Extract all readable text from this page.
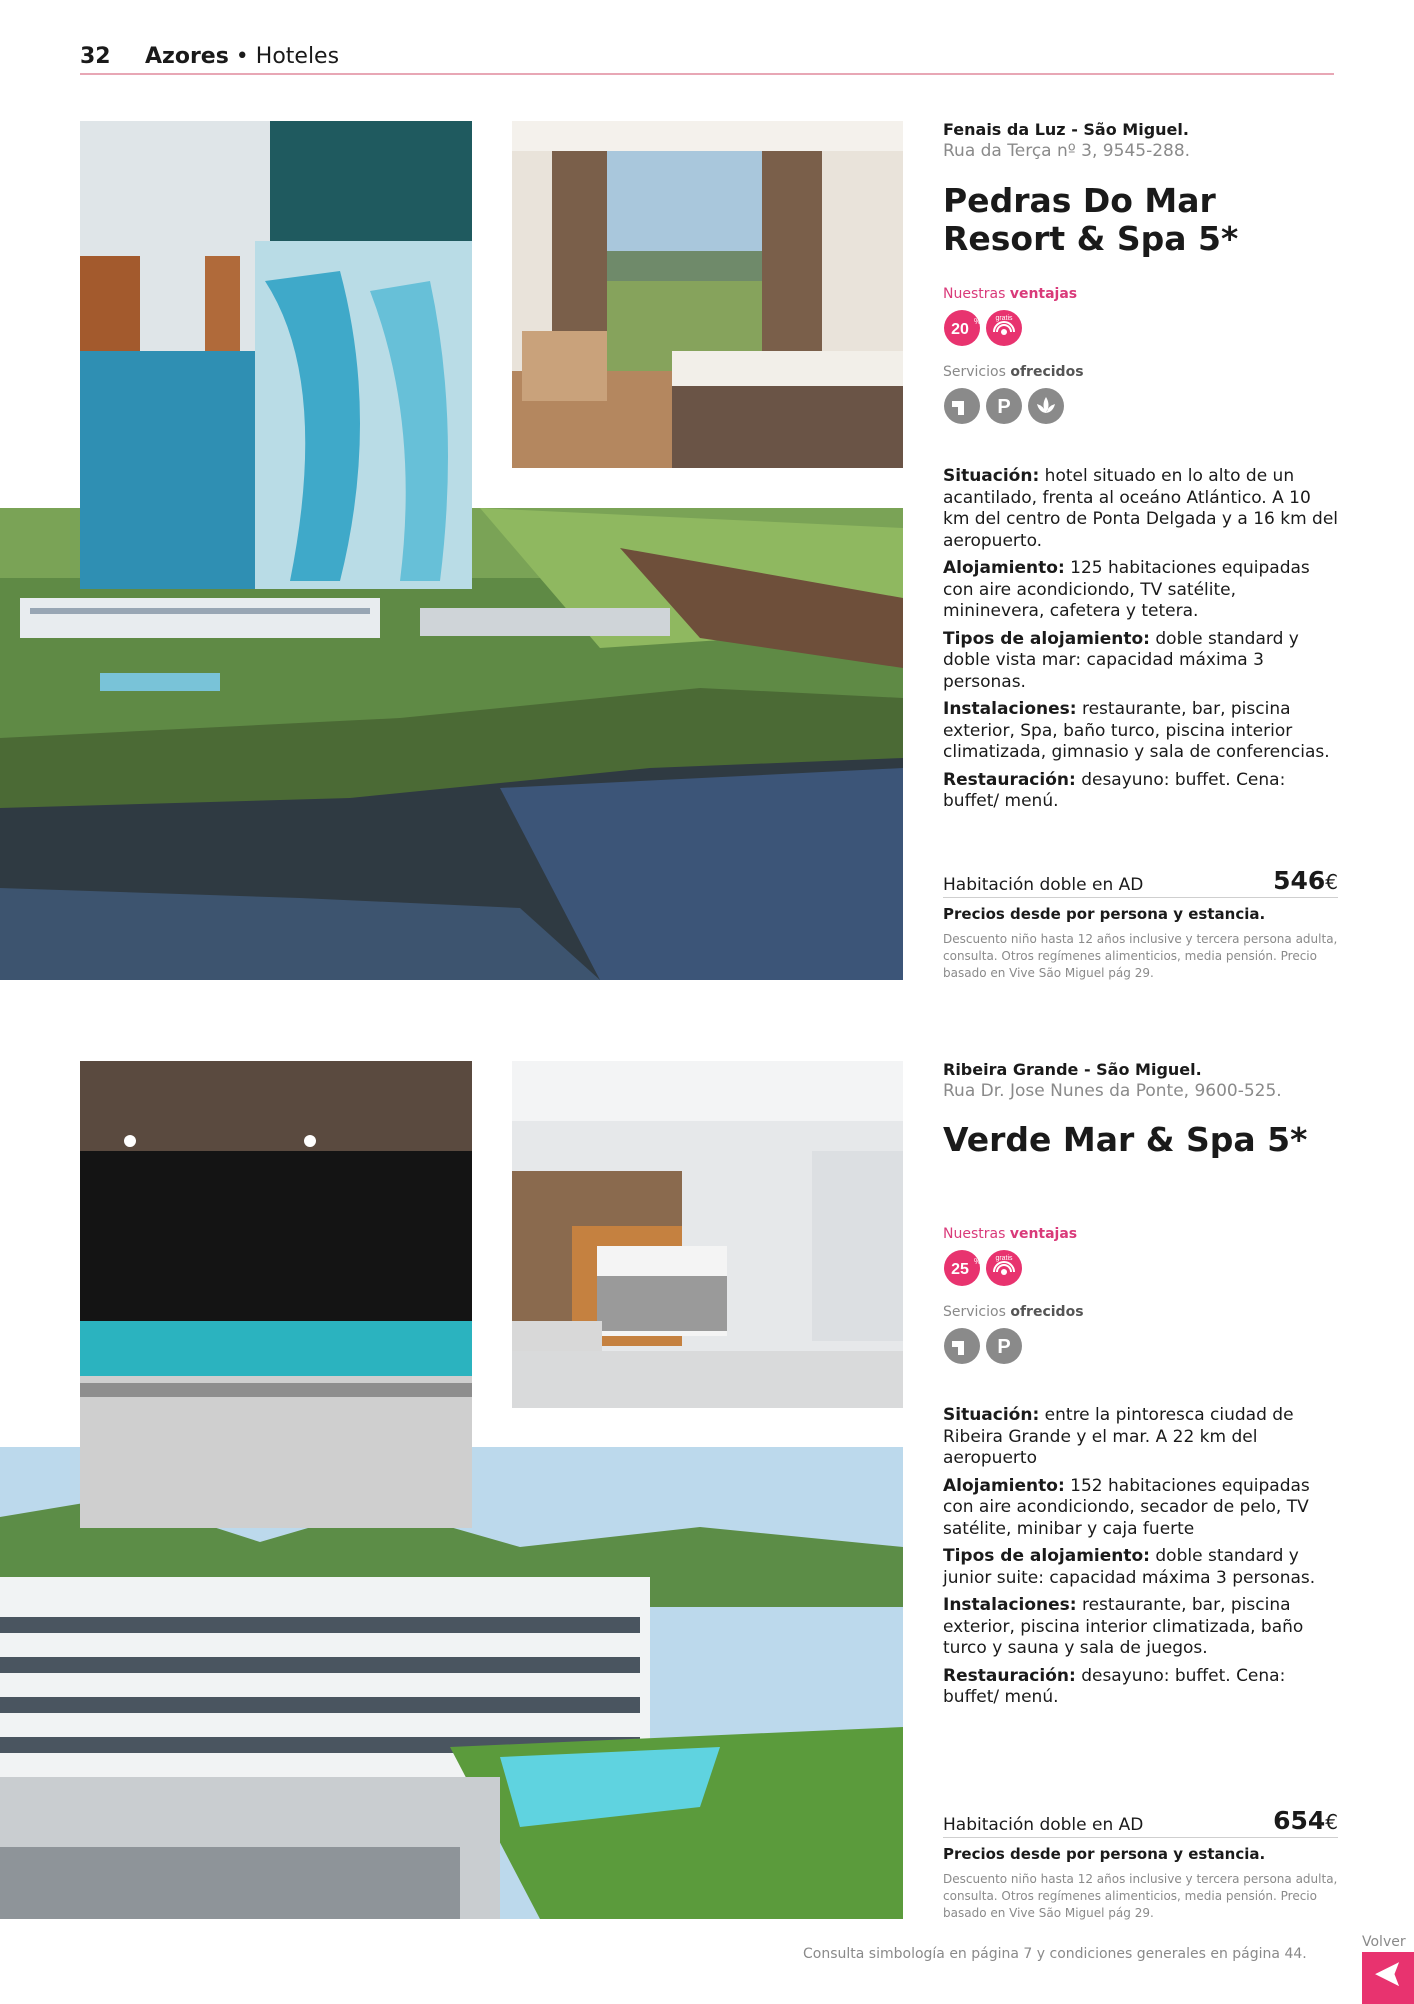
32 Azores • Hoteles
Fenais da Luz - São Miguel.
Rua da Terça nº 3, 9545-288.
Pedras Do Mar Resort & Spa 5*
Nuestras ventajas
20 % gratis
Servicios ofrecidos
P

Situación: hotel situado en lo alto de un acantilado, frenta al oceáno Atlántico. A 10 km del centro de Ponta Delgada y a 16 km del aeropuerto.

Alojamiento: 125 habitaciones equipadas con aire acondiciondo, TV satélite, mininevera, cafetera y tetera.

Tipos de alojamiento: doble standard y doble vista mar: capacidad máxima 3 personas.

Instalaciones: restaurante, bar, piscina exterior, Spa, baño turco, piscina interior climatizada, gimnasio y sala de conferencias.

Restauración: desayuno: buffet. Cena: buffet/ menú.

Habitación doble en AD	546€
Precios desde por persona y estancia.
Descuento niño hasta 12 años inclusive y tercera persona adulta, consulta. Otros regímenes alimenticios, media pensión. Precio basado en Vive São Miguel pág 29.
Ribeira Grande - São Miguel.
Rua Dr. Jose Nunes da Ponte, 9600-525.
Verde Mar & Spa 5*
Nuestras ventajas
25 % gratis
Servicios ofrecidos
P

Situación: entre la pintoresca ciudad de Ribeira Grande y el mar. A 22 km del aeropuerto

Alojamiento: 152 habitaciones equipadas con aire acondiciondo, secador de pelo, TV satélite, minibar y caja fuerte

Tipos de alojamiento: doble standard y junior suite: capacidad máxima 3 personas.

Instalaciones: restaurante, bar, piscina exterior, piscina interior climatizada, baño turco y sauna y sala de juegos.

Restauración: desayuno: buffet. Cena: buffet/ menú.

Habitación doble en AD	654€
Precios desde por persona y estancia.
Descuento niño hasta 12 años inclusive y tercera persona adulta, consulta. Otros regímenes alimenticios, media pensión. Precio basado en Vive São Miguel pág 29.
Consulta simbología en página 7 y condiciones generales en página 44.
Volver
